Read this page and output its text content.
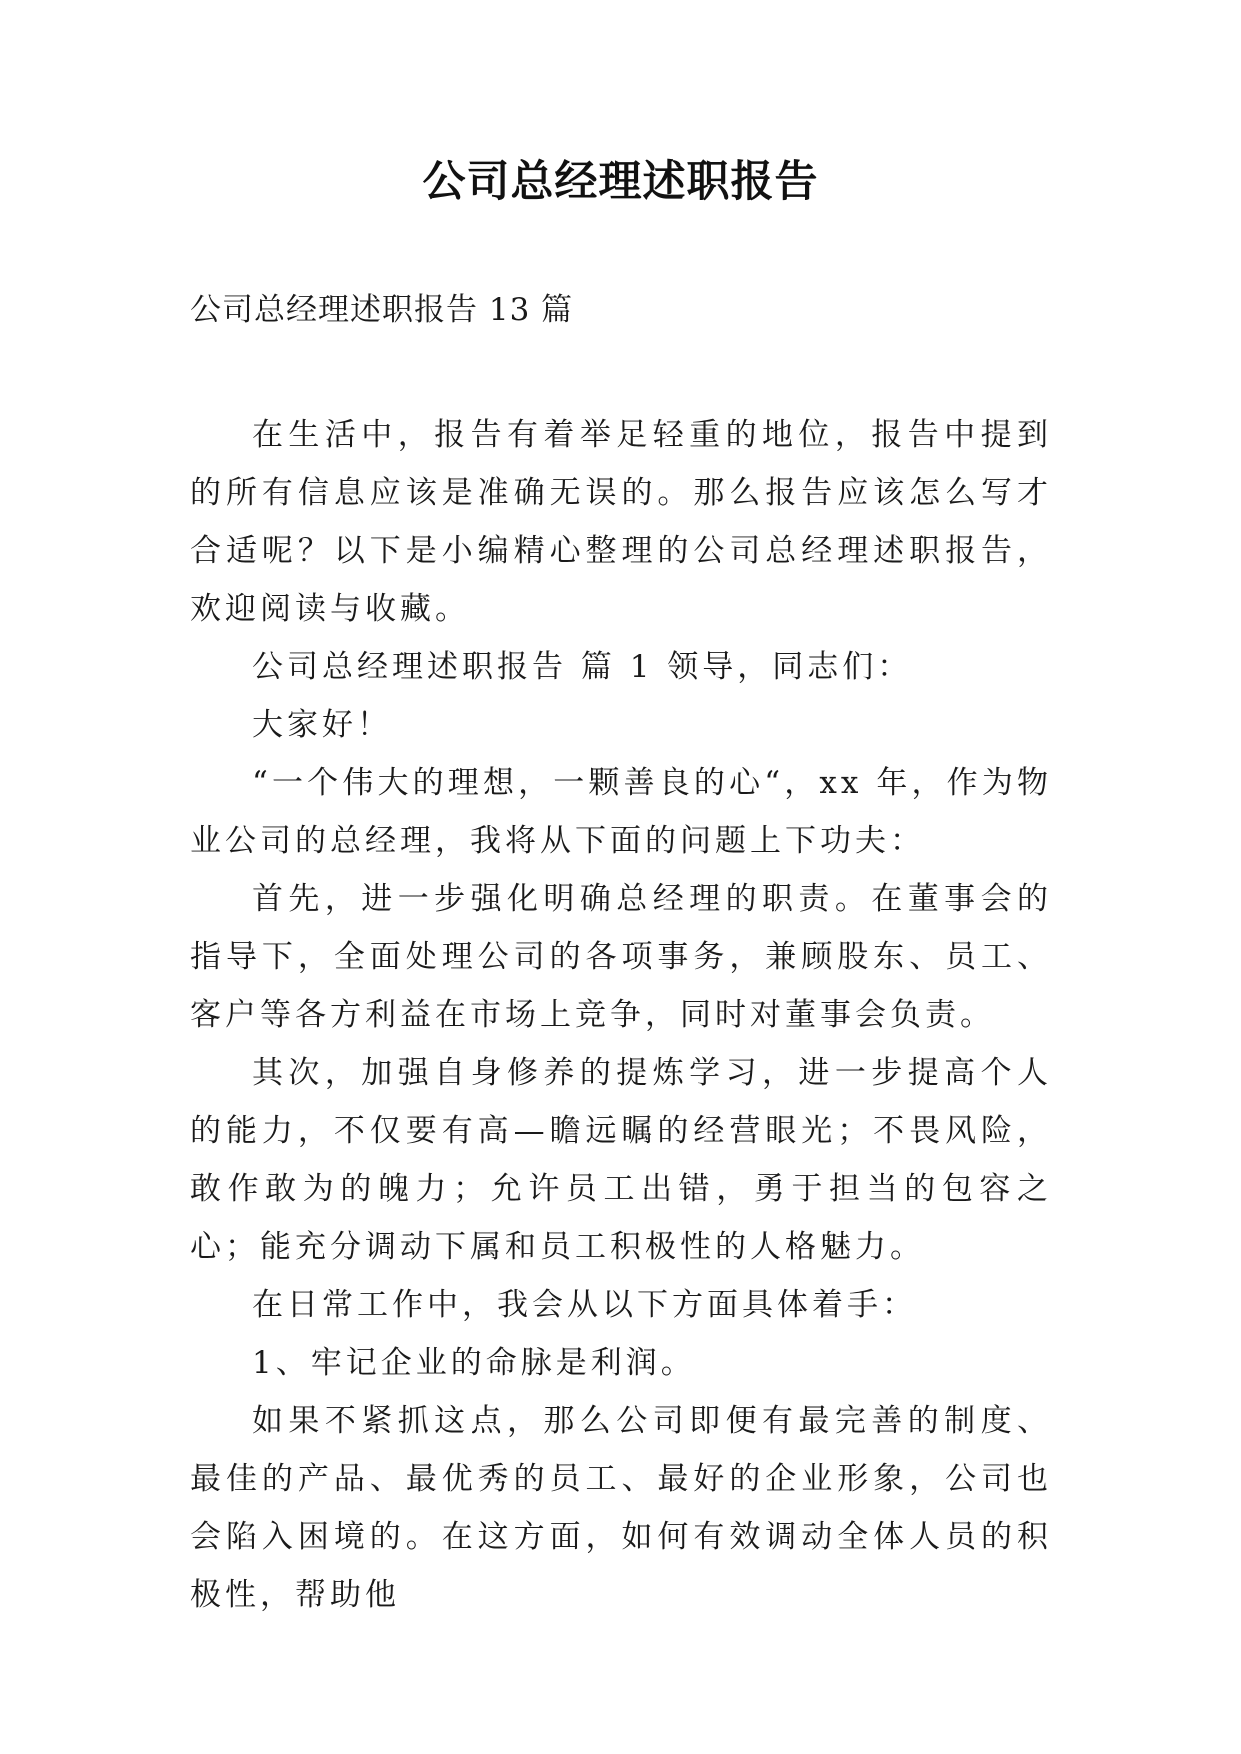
公司总经理述职报告
公司总经理述职报告 13 篇

在生活中，报告有着举足轻重的地位，报告中提到的所有信息应该是准确无误的。那么报告应该怎么写才合适呢？以下是小编精心整理的公司总经理述职报告，欢迎阅读与收藏。

公司总经理述职报告 篇 1 领导，同志们：

大家好！

“一个伟大的理想，一颗善良的心“，xx 年，作为物业公司的总经理，我将从下面的问题上下功夫：

首先，进一步强化明确总经理的职责。在董事会的指导下，全面处理公司的各项事务，兼顾股东、员工、客户等各方利益在市场上竞争，同时对董事会负责。

其次，加强自身修养的提炼学习，进一步提高个人的能力，不仅要有高—瞻远瞩的经营眼光；不畏风险，敢作敢为的魄力；允许员工出错，勇于担当的包容之心；能充分调动下属和员工积极性的人格魅力。

在日常工作中，我会从以下方面具体着手：

1、牢记企业的命脉是利润。

如果不紧抓这点，那么公司即便有最完善的制度、最佳的产品、最优秀的员工、最好的企业形象，公司也会陷入困境的。在这方面，如何有效调动全体人员的积极性，帮助他
